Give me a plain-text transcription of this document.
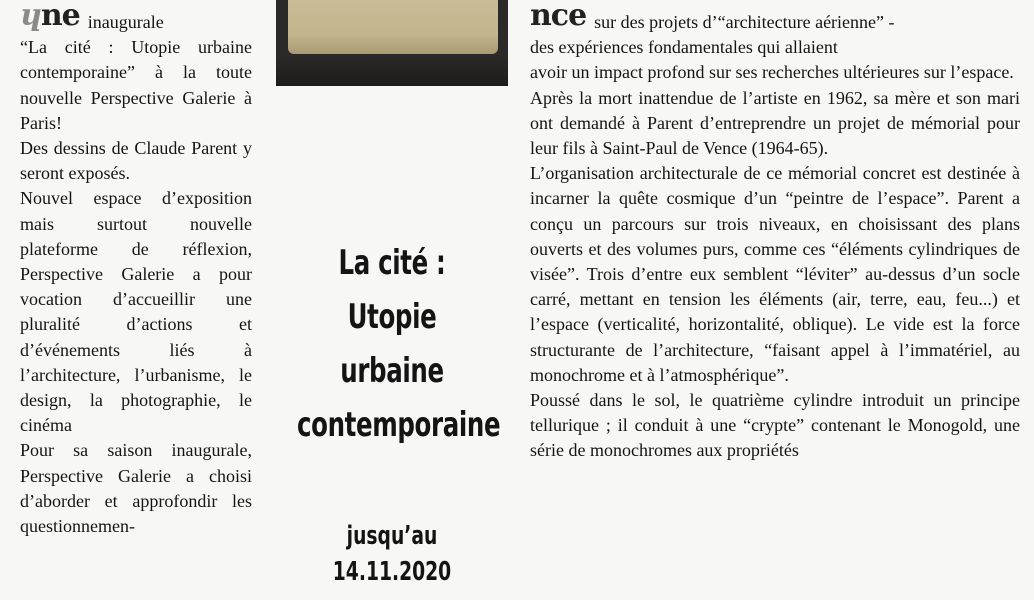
ɥne inaugurale
“La cité : Utopie urbaine contemporaine” à la toute nouvelle Perspective Galerie à Paris!

Des dessins de Claude Parent y seront exposés.

Nouvel espace d’exposition mais surtout nouvelle plateforme de réflexion, Perspective Galerie a pour vocation d’accueillir une pluralité d’actions et d’événements liés à l’architecture, l’urbanisme, le design, la photographie, le cinéma

Pour sa saison inaugurale, Perspective Galerie a choisi d’aborder et approfondir les questionnemen-

La cité :
Utopie urbaine
contemporaine
jusqu’au 14.11.2020

nce sur des projets d’“architecture aérienne” -
des expériences fondamentales qui allaient
avoir un impact profond sur ses recherches ultérieures sur l’espace.

Après la mort inattendue de l’artiste en 1962, sa mère et son mari ont demandé à Parent d’entreprendre un projet de mémorial pour leur fils à Saint-Paul de Vence (1964-65).

L’organisation architecturale de ce mémorial concret est destinée à incarner la quête cosmique d’un “peintre de l’espace”. Parent a conçu un parcours sur trois niveaux, en choisissant des plans ouverts et des volumes purs, comme ces “éléments cylindriques de visée”. Trois d’entre eux semblent “léviter” au-dessus d’un socle carré, mettant en tension les éléments (air, terre, eau, feu...) et l’espace (verticalité, horizontalité, oblique). Le vide est la force structurante de l’architecture, “faisant appel à l’immatériel, au monochrome et à l’atmosphérique”.

Poussé dans le sol, le quatrième cylindre introduit un principe tellurique ; il conduit à une “crypte” contenant le Monogold, une série de monochromes aux propriétés
